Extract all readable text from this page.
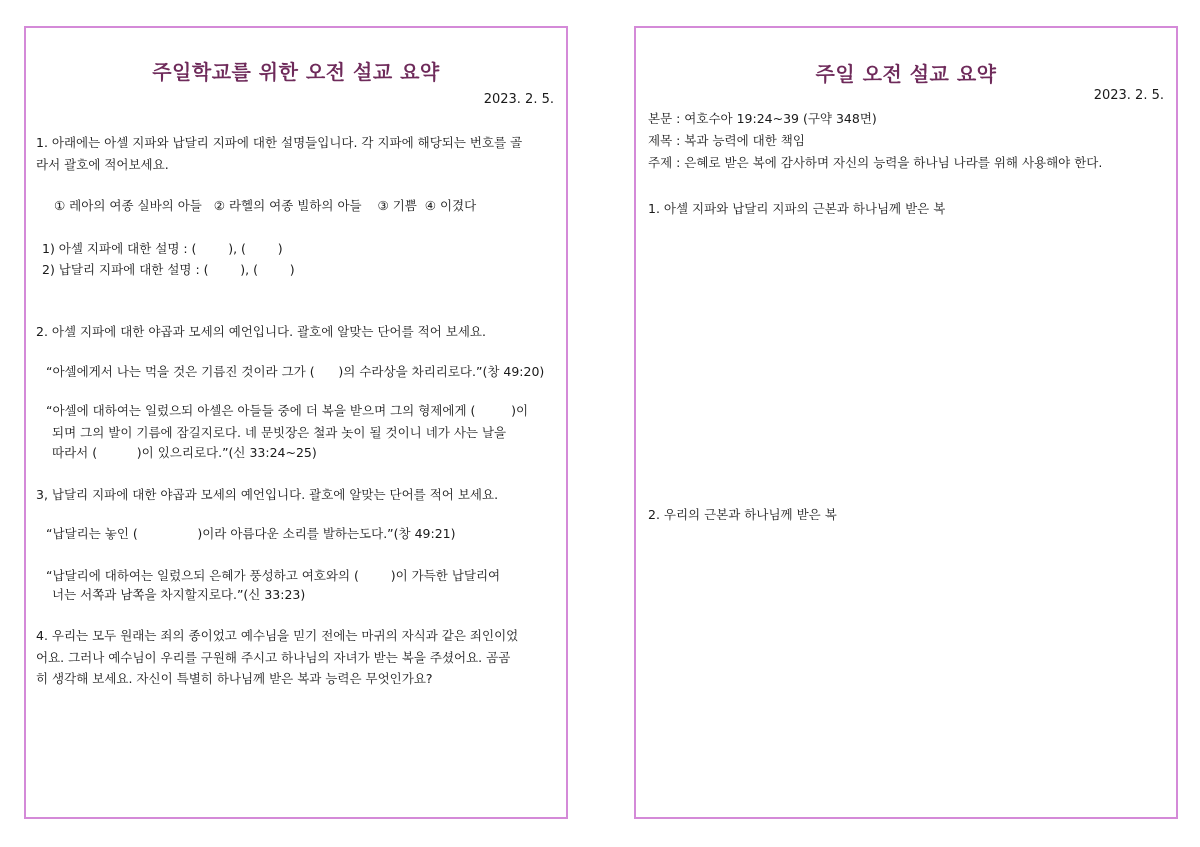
주일학교를 위한 오전 설교 요약
2023. 2. 5.
1. 아래에는 아셀 지파와 납달리 지파에 대한 설명들입니다. 각 지파에 해당되는 번호를 골
라서 괄호에 적어보세요.
① 레아의 여종 실바의 아들   ② 라헬의 여종 빌하의 아들    ③ 기쁨  ④ 이겼다
1) 아셀 지파에 대한 설명 : (        ), (        )
2) 납달리 지파에 대한 설명 : (        ), (        )
2. 아셀 지파에 대한 야곱과 모세의 예언입니다. 괄호에 알맞는 단어를 적어 보세요.
“아셀에게서 나는 먹을 것은 기름진 것이라 그가 (      )의 수라상을 차리리로다.”(창 49:20)
“아셀에 대하여는 일렀으되 아셀은 아들들 중에 더 복을 받으며 그의 형제에게 (         )이
되며 그의 발이 기름에 잠길지로다. 네 문빗장은 철과 놋이 될 것이니 네가 사는 날을
따라서 (          )이 있으리로다.”(신 33:24~25)
3, 납달리 지파에 대한 야곱과 모세의 예언입니다. 괄호에 알맞는 단어를 적어 보세요.
“납달리는 놓인 (               )이라 아름다운 소리를 발하는도다.”(창 49:21)
“납달리에 대하여는 일렀으되 은혜가 풍성하고 여호와의 (        )이 가득한 납달리여
너는 서쪽과 남쪽을 차지할지로다.”(신 33:23)
4. 우리는 모두 원래는 죄의 종이었고 예수님을 믿기 전에는 마귀의 자식과 같은 죄인이었
어요. 그러나 예수님이 우리를 구원해 주시고 하나님의 자녀가 받는 복을 주셨어요. 곰곰
히 생각해 보세요. 자신이 특별히 하나님께 받은 복과 능력은 무엇인가요?
주일 오전 설교 요약
2023. 2. 5.
본문 : 여호수아 19:24~39 (구약 348면)
제목 : 복과 능력에 대한 책임
주제 : 은혜로 받은 복에 감사하며 자신의 능력을 하나님 나라를 위해 사용해야 한다.
1. 아셀 지파와 납달리 지파의 근본과 하나님께 받은 복
2. 우리의 근본과 하나님께 받은 복
